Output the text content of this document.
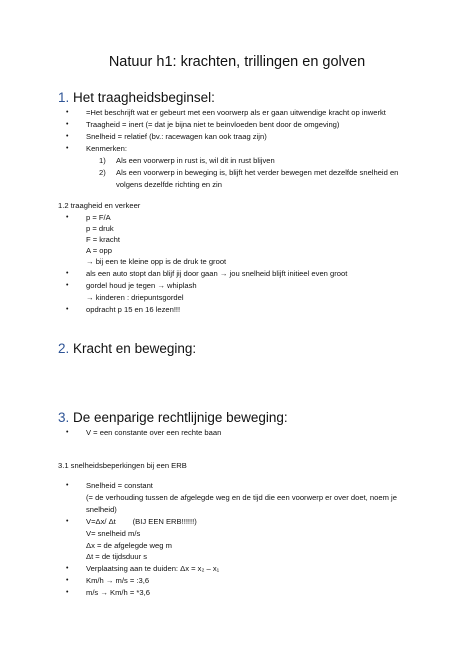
Natuur h1: krachten, trillingen en golven
1. Het traagheidsbeginsel:
• =Het beschrijft wat er gebeurt met een voorwerp als er gaan uitwendige kracht op inwerkt
• Traagheid = inert (= dat je bijna niet te beinvloeden bent door de omgeving)
• Snelheid = relatief (bv.: racewagen kan ook traag zijn)
• Kenmerken:
1) Als een voorwerp in rust is, wil dit in rust blijven
2) Als een voorwerp in beweging is, blijft het verder bewegen met dezelfde snelheid en
volgens dezelfde richting en zin
1.2 traagheid en verkeer
• p = F/A
p = druk
F = kracht
A = opp
→ bij een te kleine opp is de druk te groot
• als een auto stopt dan blijf jij door gaan → jou snelheid blijft initieel even groot
• gordel houd je tegen → whiplash
→ kinderen : driepuntsgordel
• opdracht p 15 en 16 lezen!!!
2. Kracht en beweging:
3. De eenparige rechtlijnige beweging:
• V = een constante over een rechte baan
3.1 snelheidsbeperkingen bij een ERB
• Snelheid = constant
(= de verhouding tussen de afgelegde weg en de tijd die een voorwerp er over doet, noem je
snelheid)
• V=Δx/ Δt        (BIJ EEN ERB!!!!!!)
V= snelheid m/s
Δx = de afgelegde weg m
Δt = de tijdsduur s
• Verplaatsing aan te duiden: Δx = x₂ – x₁
• Km/h → m/s = :3,6
• m/s → Km/h = *3,6
